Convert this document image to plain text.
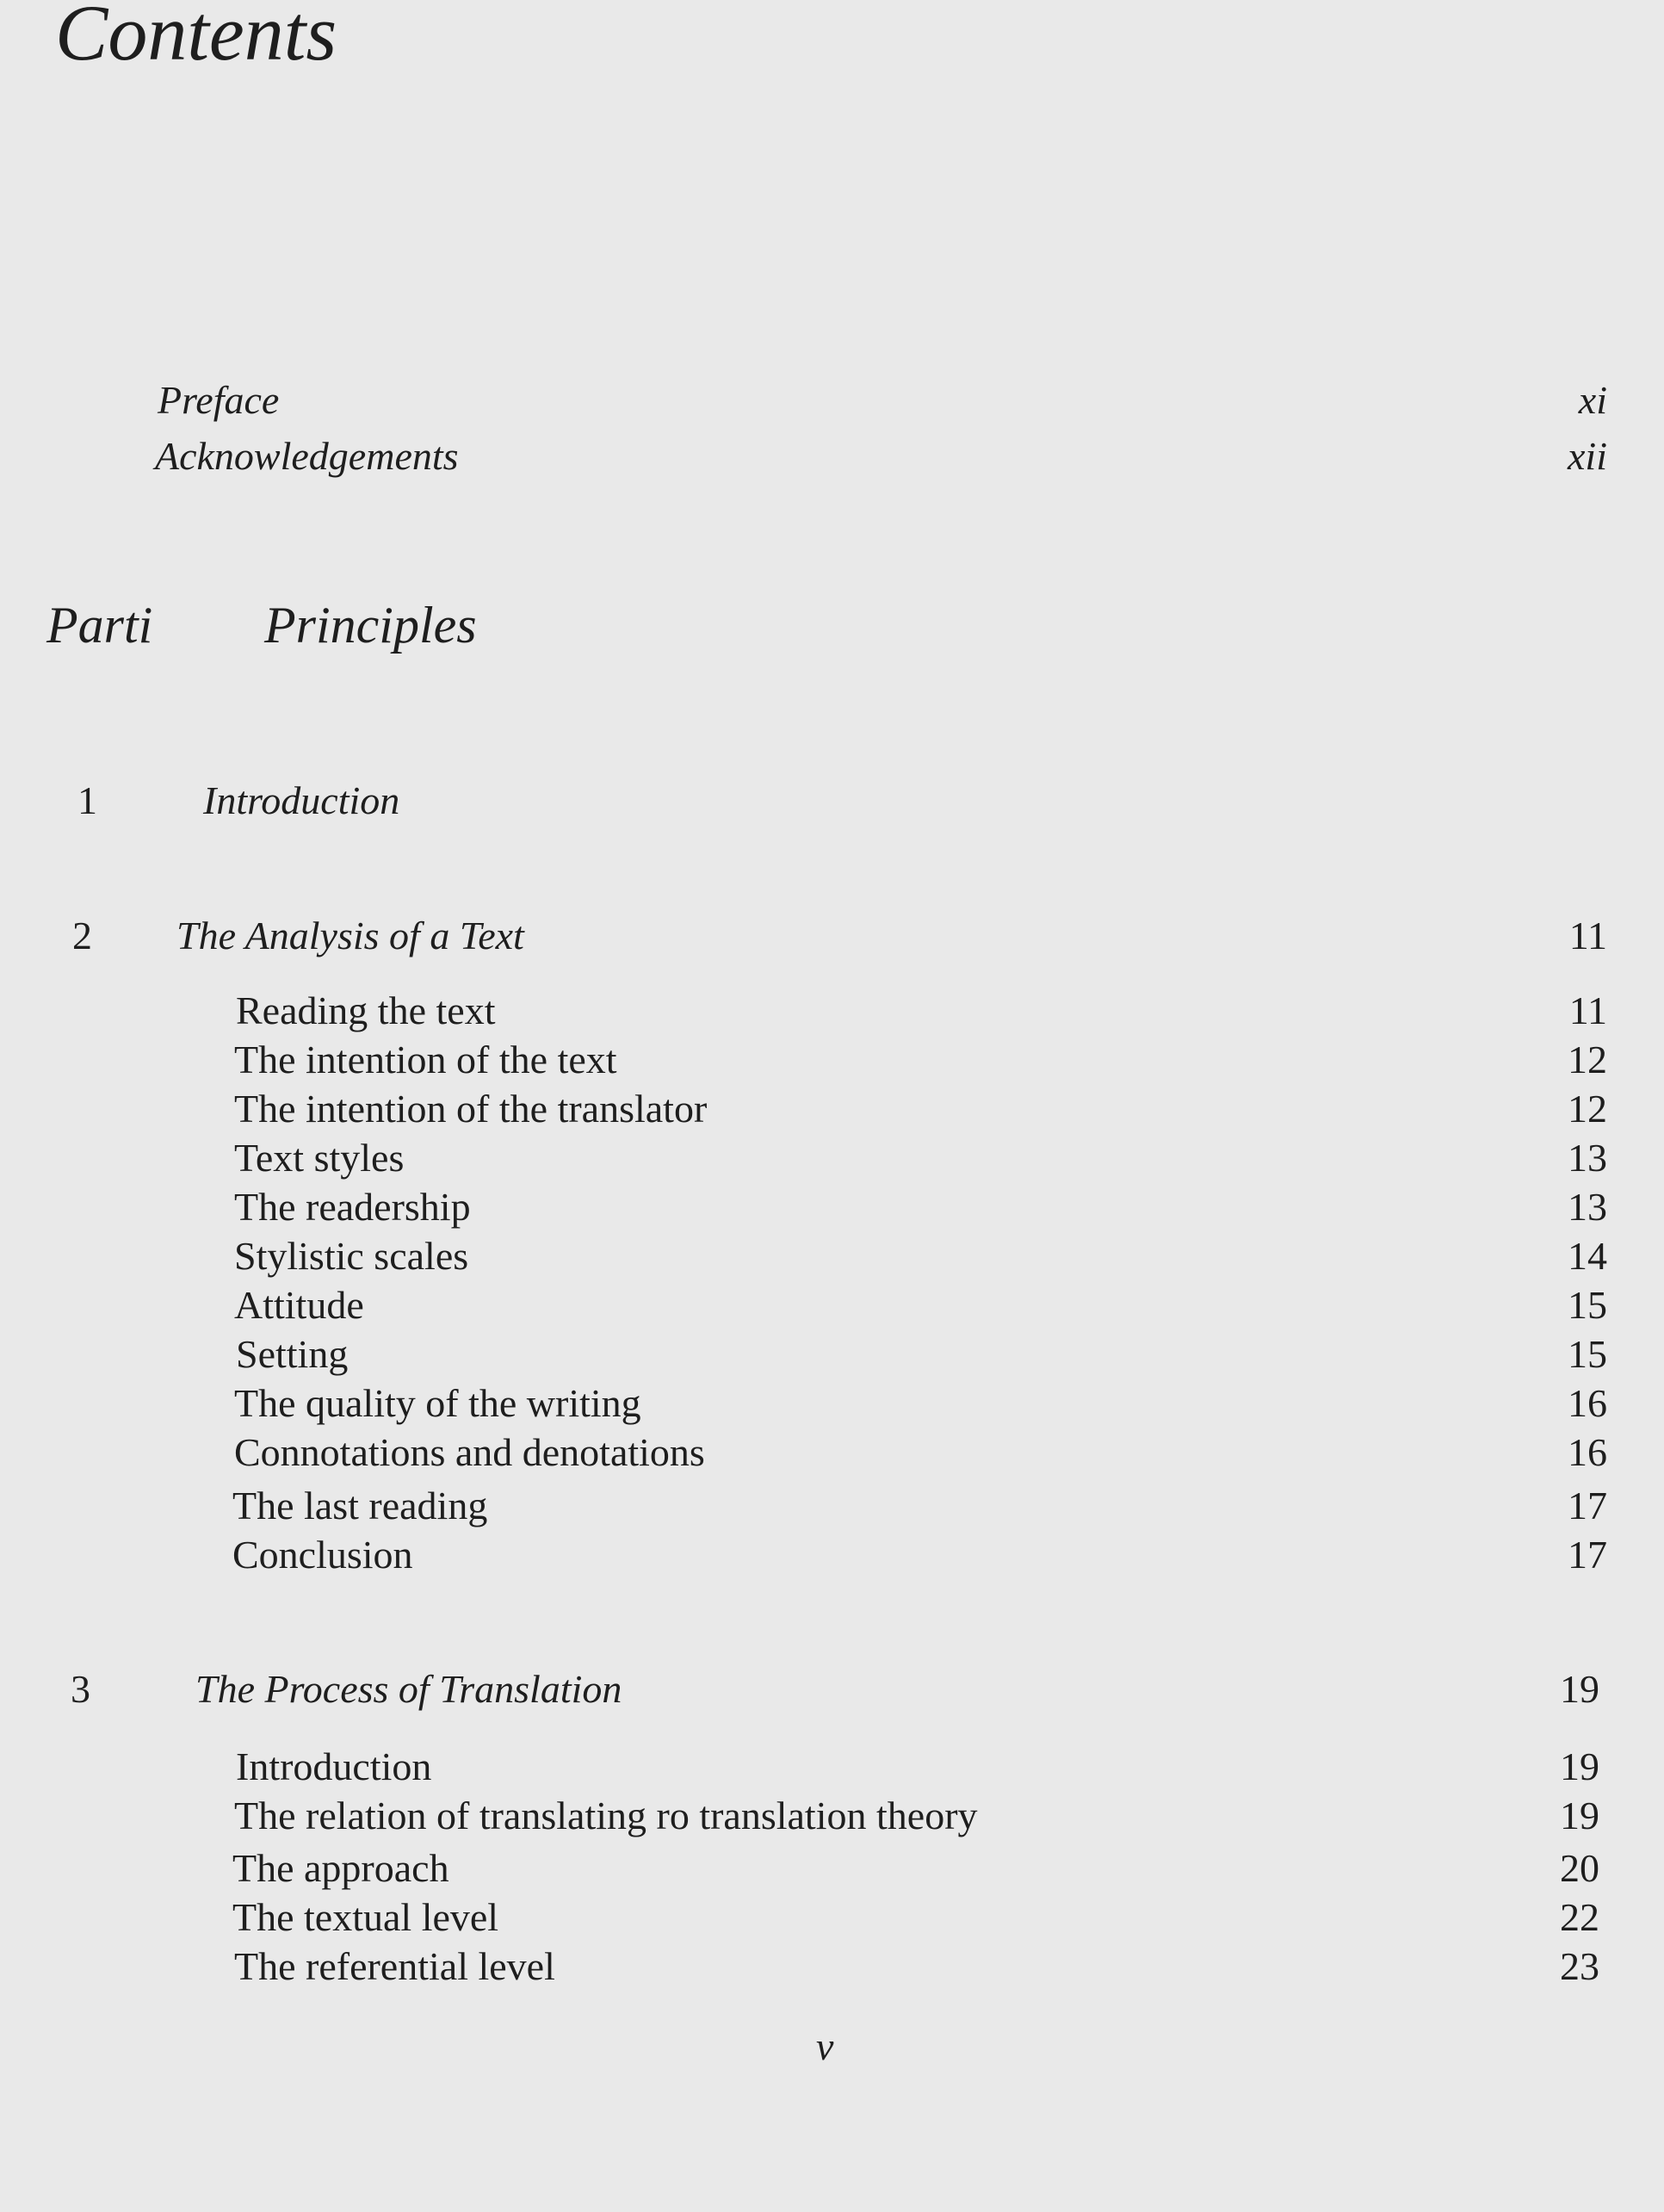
Contents
Preface	xi
Acknowledgements	xii
Parti Principles
1	Introduction
2 The Analysis of a Text	11
Reading the text	11
The intention of the text	12
The intention of the translator	12
Text styles	13
The readership	13
Stylistic scales	14
Attitude	15
Setting	15
The quality of the writing	16
Connotations and denotations	16
The last reading	17
Conclusion	17
3	The Process of Translation	19
Introduction	19
The relation of translating ro translation theory	19
The approach	20
The textual level	22
The referential level	23
v
